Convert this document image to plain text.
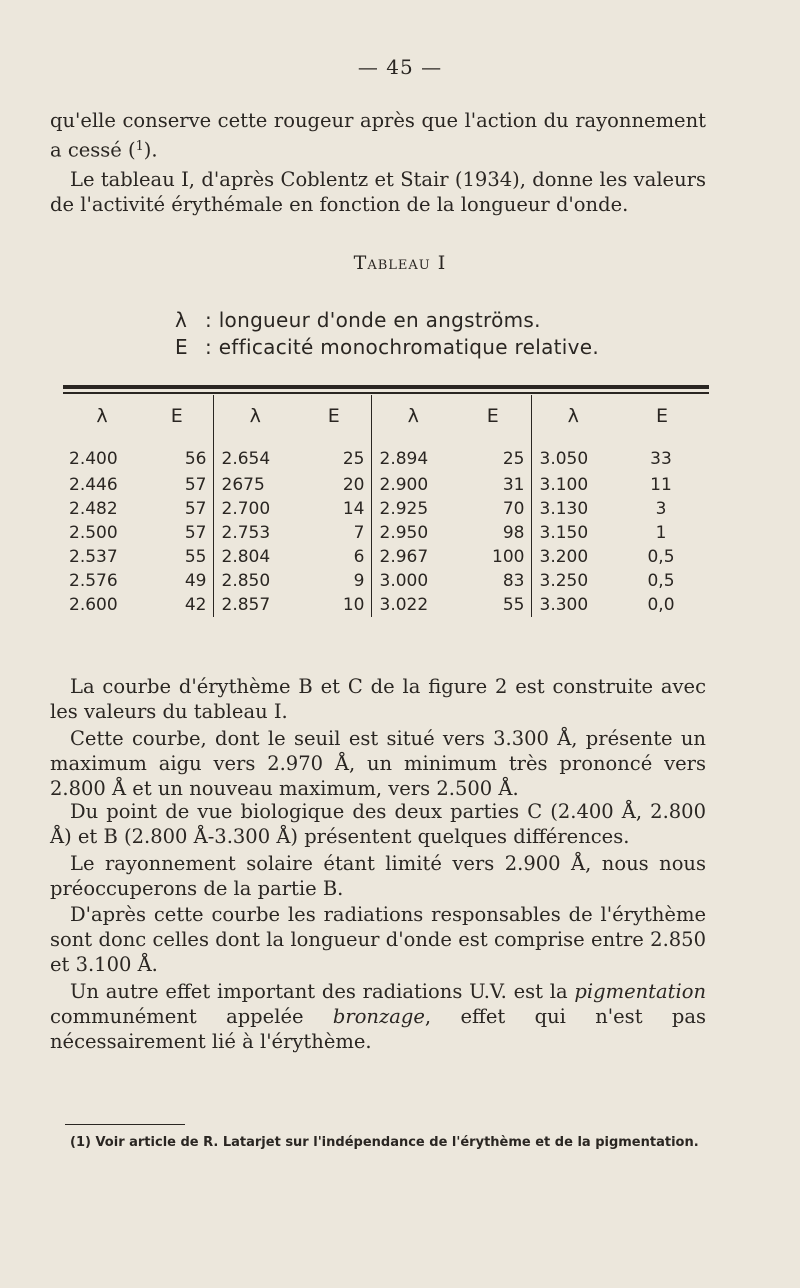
— 45 —

qu'elle conserve cette rougeur après que l'action du rayonnement a cessé ($^1$).

Le tableau I, d'après Coblentz et Stair (1934), donne les valeurs de l'activité érythémale en fonction de la longueur d'onde.

Tableau I
λ : longueur d'onde en angströms.
E : efficacité monochromatique relative.
λ	E	λ	E	λ	E	λ	E
2.400	56	2.654	25	2.894	25	3.050	33
2.446	57	2675	20	2.900	31	3.100	11
2.482	57	2.700	14	2.925	70	3.130	3
2.500	57	2.753	7	2.950	98	3.150	1
2.537	55	2.804	6	2.967	100	3.200	0,5
2.576	49	2.850	9	3.000	83	3.250	0,5
2.600	42	2.857	10	3.022	55	3.300	0,0

La courbe d'érythème B et C de la figure 2 est construite avec les valeurs du tableau I.

Cette courbe, dont le seuil est situé vers 3.300 Å, présente un maximum aigu vers 2.970 Å, un minimum très prononcé vers 2.800 Å et un nouveau maximum, vers 2.500 Å.

Du point de vue biologique des deux parties C (2.400 Å, 2.800 Å) et B (2.800 Å-3.300 Å) présentent quelques différences.

Le rayonnement solaire étant limité vers 2.900 Å, nous nous préoccuperons de la partie B.

D'après cette courbe les radiations responsables de l'érythème sont donc celles dont la longueur d'onde est comprise entre 2.850 et 3.100 Å.

Un autre effet important des radiations U.V. est la pigmentation communément appelée bronzage, effet qui n'est pas nécessairement lié à l'érythème.

(1) Voir article de R. Latarjet sur l'indépendance de l'érythème et de la pigmentation.
